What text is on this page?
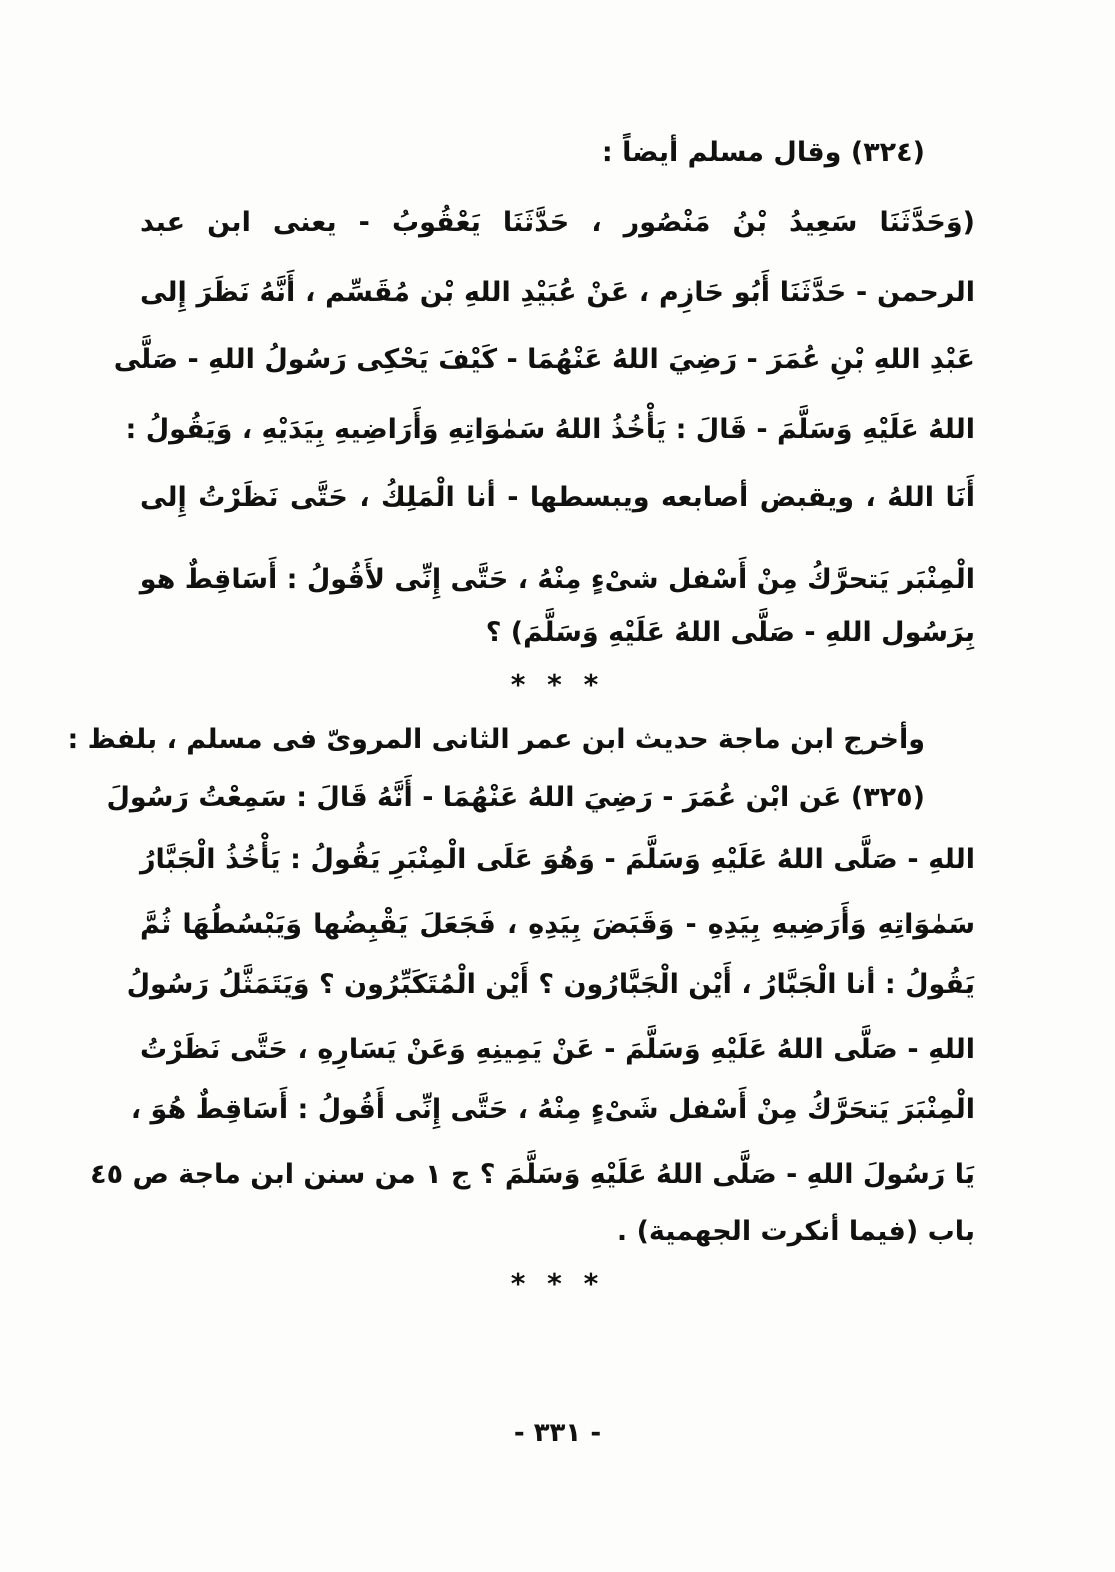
(٣٢٤) وقال مسلم أيضاً :
(وَحَدَّثَنَا سَعِيدُ بْنُ مَنْصُور ، حَدَّثَنَا يَعْقُوبُ - يعنى ابن عبد
الرحمن - حَدَّثَنَا أَبُو حَازِم ، عَنْ عُبَيْدِ اللهِ بْن مُقَسِّم ، أَنَّهُ نَظَرَ إِلى
عَبْدِ اللهِ بْنِ عُمَرَ - رَضِيَ اللهُ عَنْهُمَا - كَيْفَ يَحْكِى رَسُولُ اللهِ - صَلَّى
اللهُ عَلَيْهِ وَسَلَّمَ - قَالَ : يَأْخُذُ اللهُ سَمٰوَاتِهِ وَأَرَاضِيهِ بِيَدَيْهِ ، وَيَقُولُ :
أَنَا اللهُ ، ويقبض أصابعه ويبسطها - أنا الْمَلِكُ ، حَتَّى نَظَرْتُ إِلى
الْمِنْبَر يَتحرَّكُ مِنْ أَسْفل شىْءٍ مِنْهُ ، حَتَّى إِنِّى لأَقُولُ : أَسَاقِطٌ هو
بِرَسُول اللهِ - صَلَّى اللهُ عَلَيْهِ وَسَلَّمَ) ؟
* * *
وأخرج ابن ماجة حديث ابن عمر الثانى المروىّ فى مسلم ، بلفظ :
(٣٢٥) عَن ابْن عُمَرَ - رَضِيَ اللهُ عَنْهُمَا - أَنَّهُ قَالَ : سَمِعْتُ رَسُولَ
اللهِ - صَلَّى اللهُ عَلَيْهِ وَسَلَّمَ - وَهُوَ عَلَى الْمِنْبَرِ يَقُولُ : يَأْخُذُ الْجَبَّارُ
سَمٰوَاتِهِ وَأَرَضِيهِ بِيَدِهِ - وَقَبَضَ بِيَدِهِ ، فَجَعَلَ يَقْبِضُها وَيَبْسُطُهَا ثُمَّ
يَقُولُ : أنا الْجَبَّارُ ، أَيْن الْجَبَّارُون ؟ أَيْن الْمُتَكَبِّرُون ؟ وَيَتَمَثَّلُ رَسُولُ
اللهِ - صَلَّى اللهُ عَلَيْهِ وَسَلَّمَ - عَنْ يَمِينِهِ وَعَنْ يَسَارِهِ ، حَتَّى نَظَرْتُ
الْمِنْبَرَ يَتحَرَّكُ مِنْ أَسْفل شَىْءٍ مِنْهُ ، حَتَّى إِنِّى أَقُولُ : أَسَاقِطٌ هُوَ ،
يَا رَسُولَ اللهِ - صَلَّى اللهُ عَلَيْهِ وَسَلَّمَ ؟ ج ١ من سنن ابن ماجة ص ٤٥
باب (فيما أنكرت الجهمية) .
* * *
- ٣٣١ -
